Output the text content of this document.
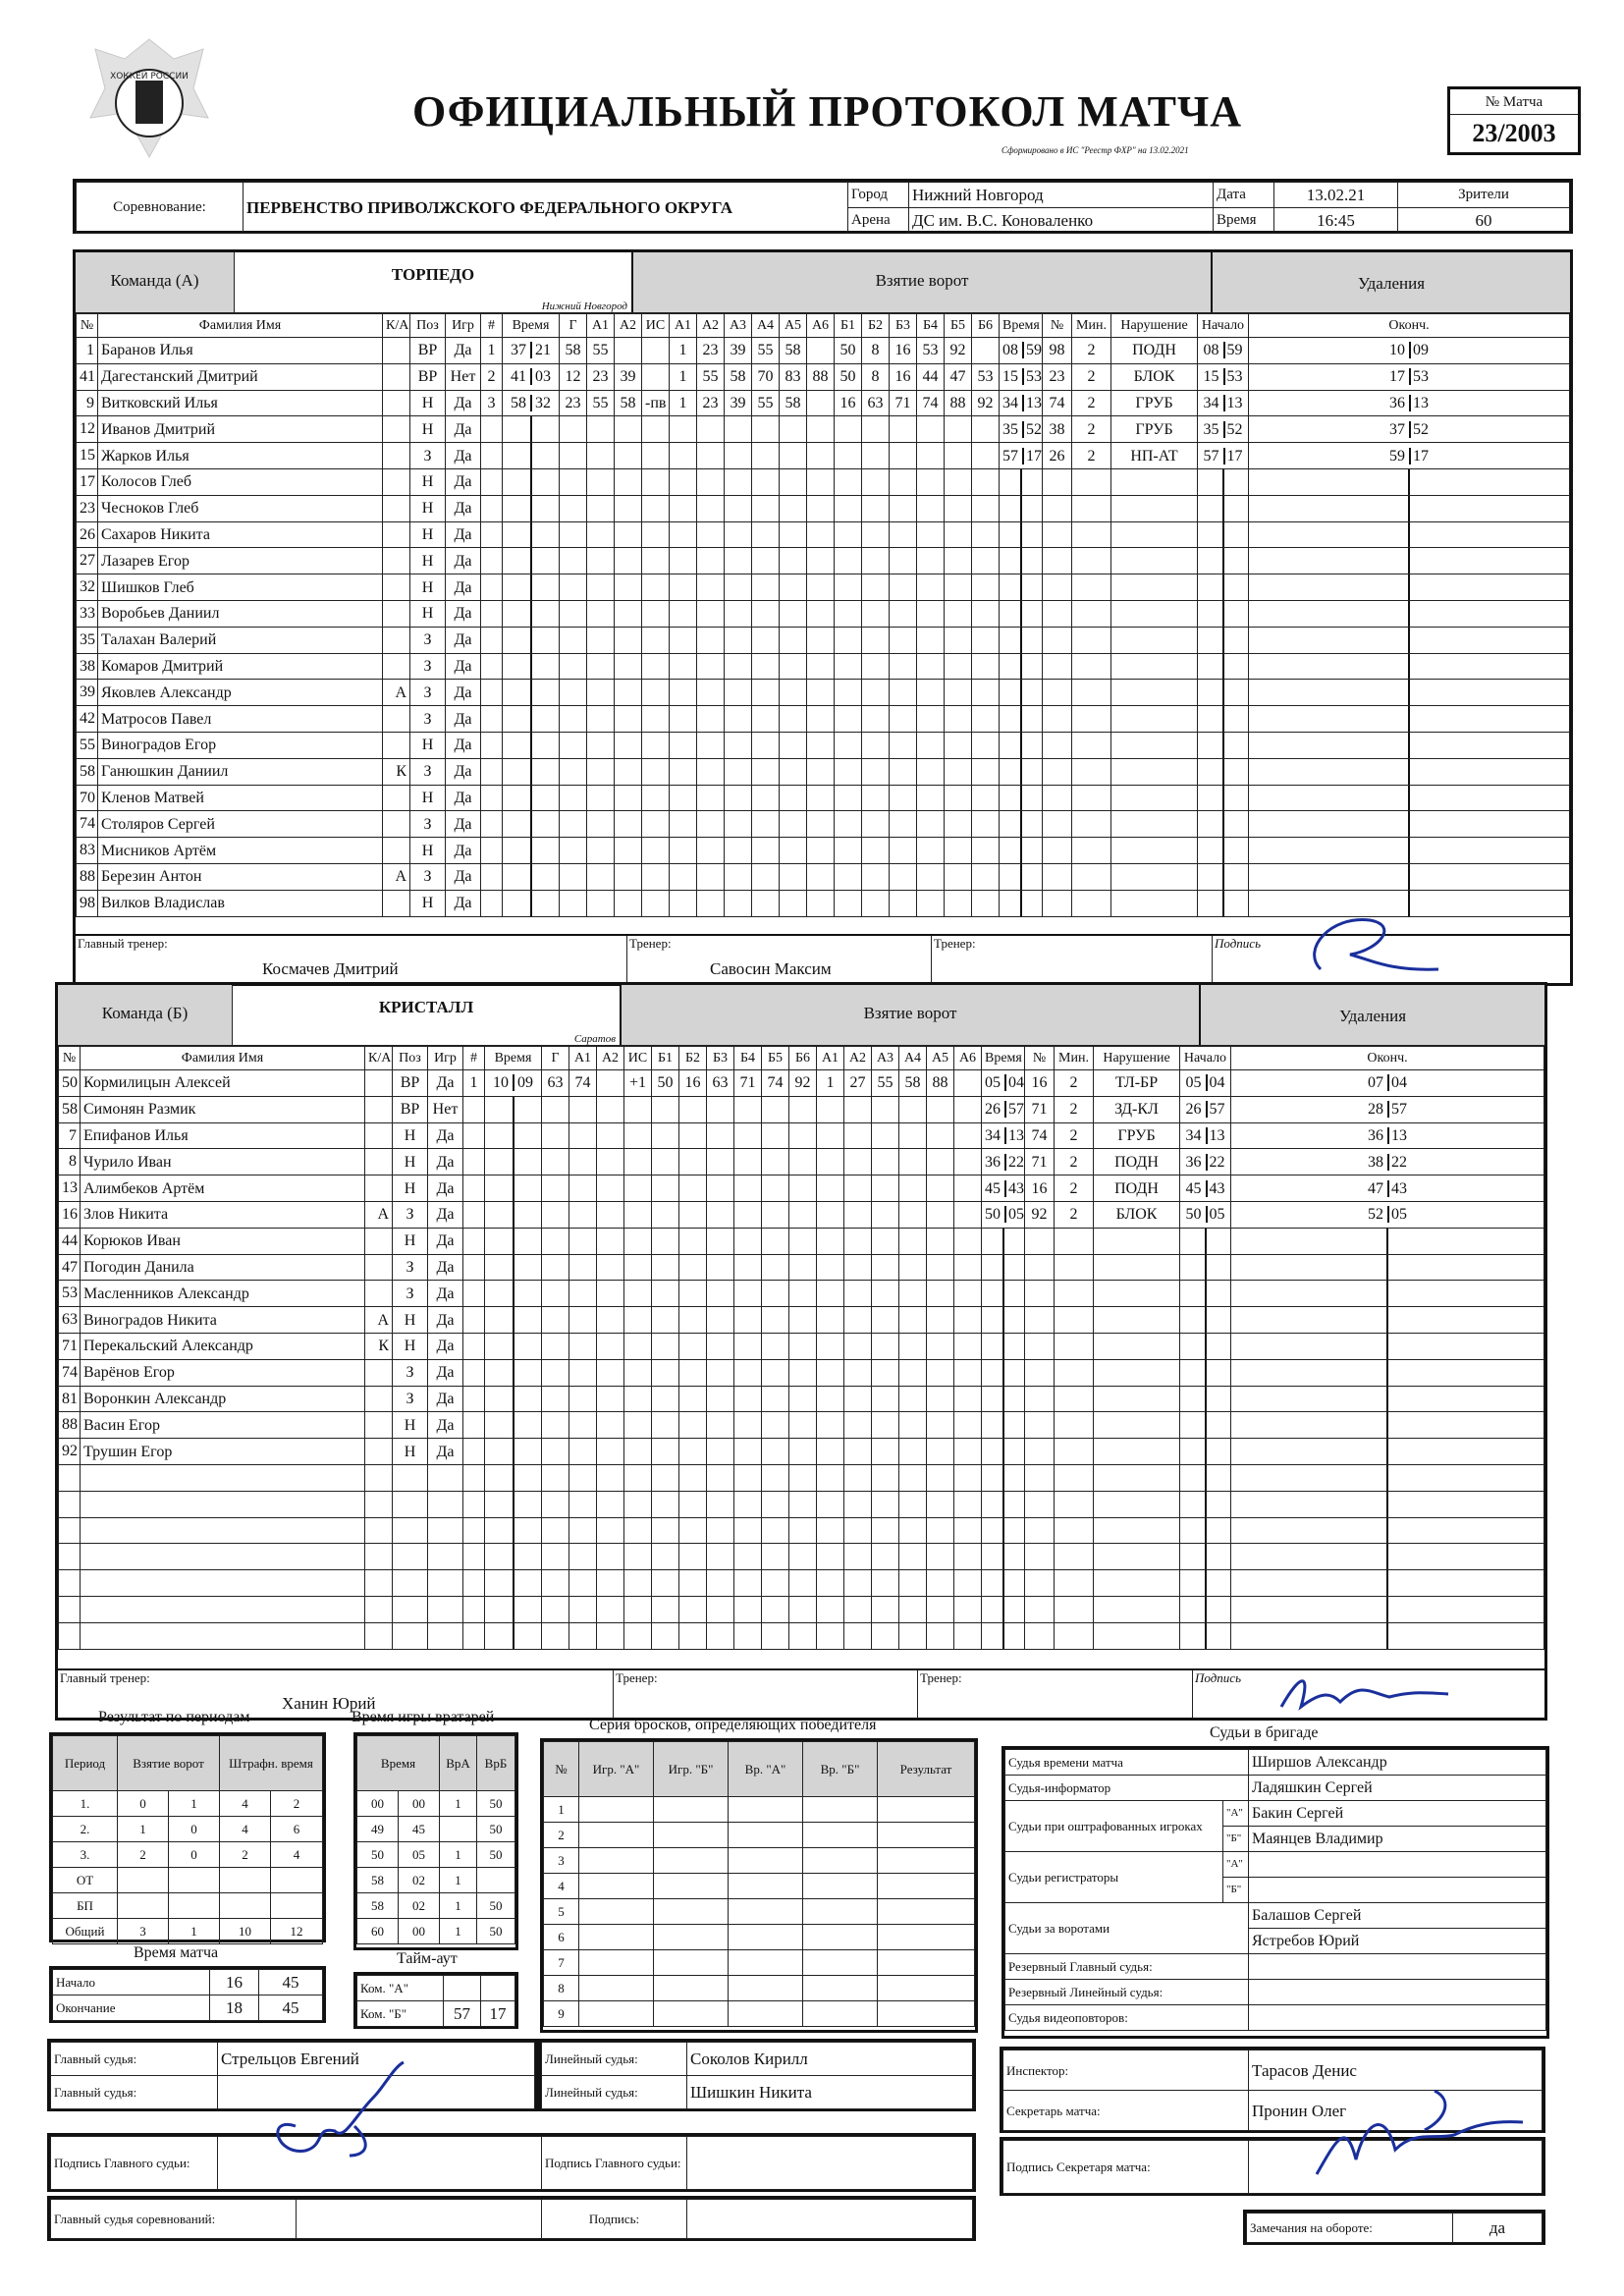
ХОККЕЙ РОССИИ
ОФИЦИАЛЬНЫЙ ПРОТОКОЛ МАТЧА
Сформировано в ИС "Реестр ФХР" на 13.02.2021
№ Матча
23/2003
Соревнование:	ПЕРВЕНСТВО ПРИВОЛЖСКОГО ФЕДЕРАЛЬНОГО ОКРУГА	Город	Нижний Новгород	Дата	13.02.21	Зрители
		Арена	ДС им. В.С. Коноваленко	Время	16:45	60
Команда (А)	ТОРПЕДО
Нижний Новгород
Взятие ворот	Удаления
№	Фамилия Имя	К/А	Поз	Игр	#	Время	Г	А1	А2	ИС	А1	А2	А3	А4	А5	А6	Б1	Б2	Б3	Б4	Б5	Б6	Время	№	Мин.	Нарушение	Начало	Оконч.
1	Баранов Илья		ВР	Да	1	37 21	58	55			1	23	39	55	58		50	8	16	53	92		08 59	98	2	ПОДН	08 59	10 09
41	Дагестанский Дмитрий		ВР	Нет	2	41 03	12	23	39		1	55	58	70	83	88	50	8	16	44	47	53	15 53	23	2	БЛОК	15 53	17 53
9	Витковский Илья		Н	Да	3	58 32	23	55	58	-пв	1	23	39	55	58		16	63	71	74	88	92	34 13	74	2	ГРУБ	34 13	36 13
12	Иванов Дмитрий		Н	Да																			35 52	38	2	ГРУБ	35 52	37 52
15	Жарков Илья		З	Да																			57 17	26	2	НП-АТ	57 17	59 17
17	Колосов Глеб		Н	Да																								
23	Чесноков Глеб		Н	Да																								
26	Сахаров Никита		Н	Да																								
27	Лазарев Егор		Н	Да																								
32	Шишков Глеб		Н	Да																								
33	Воробьев Даниил		Н	Да																								
35	Талахан Валерий		З	Да																								
38	Комаров Дмитрий		З	Да																								
39	Яковлев Александр	А	З	Да																								
42	Матросов Павел		З	Да																								
55	Виноградов Егор		Н	Да																								
58	Ганюшкин Даниил	К	З	Да																								
70	Кленов Матвей		Н	Да																								
74	Столяров Сергей		З	Да																								
83	Мисников Артём		Н	Да																								
88	Березин Антон	А	З	Да																								
98	Вилков Владислав		Н	Да																								
Главный тренер:
Космачев Дмитрий
Тренер:
Савосин Максим
Тренер:	Подпись
Команда (Б)	КРИСТАЛЛ
Саратов
Взятие ворот	Удаления
№	Фамилия Имя	К/А	Поз	Игр	#	Время	Г	А1	А2	ИС	Б1	Б2	Б3	Б4	Б5	Б6	А1	А2	А3	А4	А5	А6	Время	№	Мин.	Нарушение	Начало	Оконч.
50	Кормилицын Алексей		ВР	Да	1	10 09	63	74		+1	50	16	63	71	74	92	1	27	55	58	88		05 04	16	2	ТЛ-БР	05 04	07 04
58	Симонян Размик		ВР	Нет																			26 57	71	2	ЗД-КЛ	26 57	28 57
7	Епифанов Илья		Н	Да																			34 13	74	2	ГРУБ	34 13	36 13
8	Чурило Иван		Н	Да																			36 22	71	2	ПОДН	36 22	38 22
13	Алимбеков Артём		Н	Да																			45 43	16	2	ПОДН	45 43	47 43
16	Злов Никита	А	З	Да																			50 05	92	2	БЛОК	50 05	52 05
44	Корюков Иван		Н	Да																								
47	Погодин Данила		З	Да																								
53	Масленников Александр		З	Да																								
63	Виноградов Никита	А	Н	Да																								
71	Перекальский Александр	К	Н	Да																								
74	Варёнов Егор		З	Да																								
81	Воронкин Александр		З	Да																								
88	Васин Егор		Н	Да																								
92	Трушин Егор		Н	Да																								

Главный тренер:
Ханин Юрий
Тренер:	Тренер:	Подпись
Результат по периодам
Период	Взятие ворот		Штрафн. время	
1.	0	1	4	2
2.	1	0	4	6
3.	2	0	2	4
ОТ				
БП				
Общий	3	1	10	12
Время матча
Начало	16	45
Окончание	18	45
Время игры вратарей
Время		ВрА	ВрБ
00	00	1	50
49	45		50
50	05	1	50
58	02	1	
58	02	1	50
60	00	1	50
Тайм-аут
Ком. "А"		
Ком. "Б"	57	17
Серия бросков, определяющих победителя
№	Игр. "А"	Игр. "Б"	Вр. "А"	Вр. "Б"	Результат
1					
2					
3					
4					
5					
6					
7					
8					
9					
Судьи в бригаде
Судья времени матча		Ширшов Александр
Судья-информатор		Ладяшкин Сергей
Судьи при оштрафованных игроках	"А"	Бакин Сергей
	"Б"	Маянцев Владимир
Судьи регистраторы	"А"	
	"Б"	
Судьи за воротами		Балашов Сергей
		Ястребов Юрий
Резервный Главный судья:		
Резервный Линейный судья:		
Судья видеоповторов:		
Главный судья:	Стрельцов Евгений
Главный судья:	
Линейный судья:	Соколов Кирилл
Линейный судья:	Шишкин Никита
Инспектор:	Тарасов Денис
Секретарь матча:	Пронин Олег
Подпись Главного судьи:		Подпись Главного судьи:		Подпись Секретаря матча:	
Главный судья соревнований:		Подпись:	
Замечания на обороте:	да
